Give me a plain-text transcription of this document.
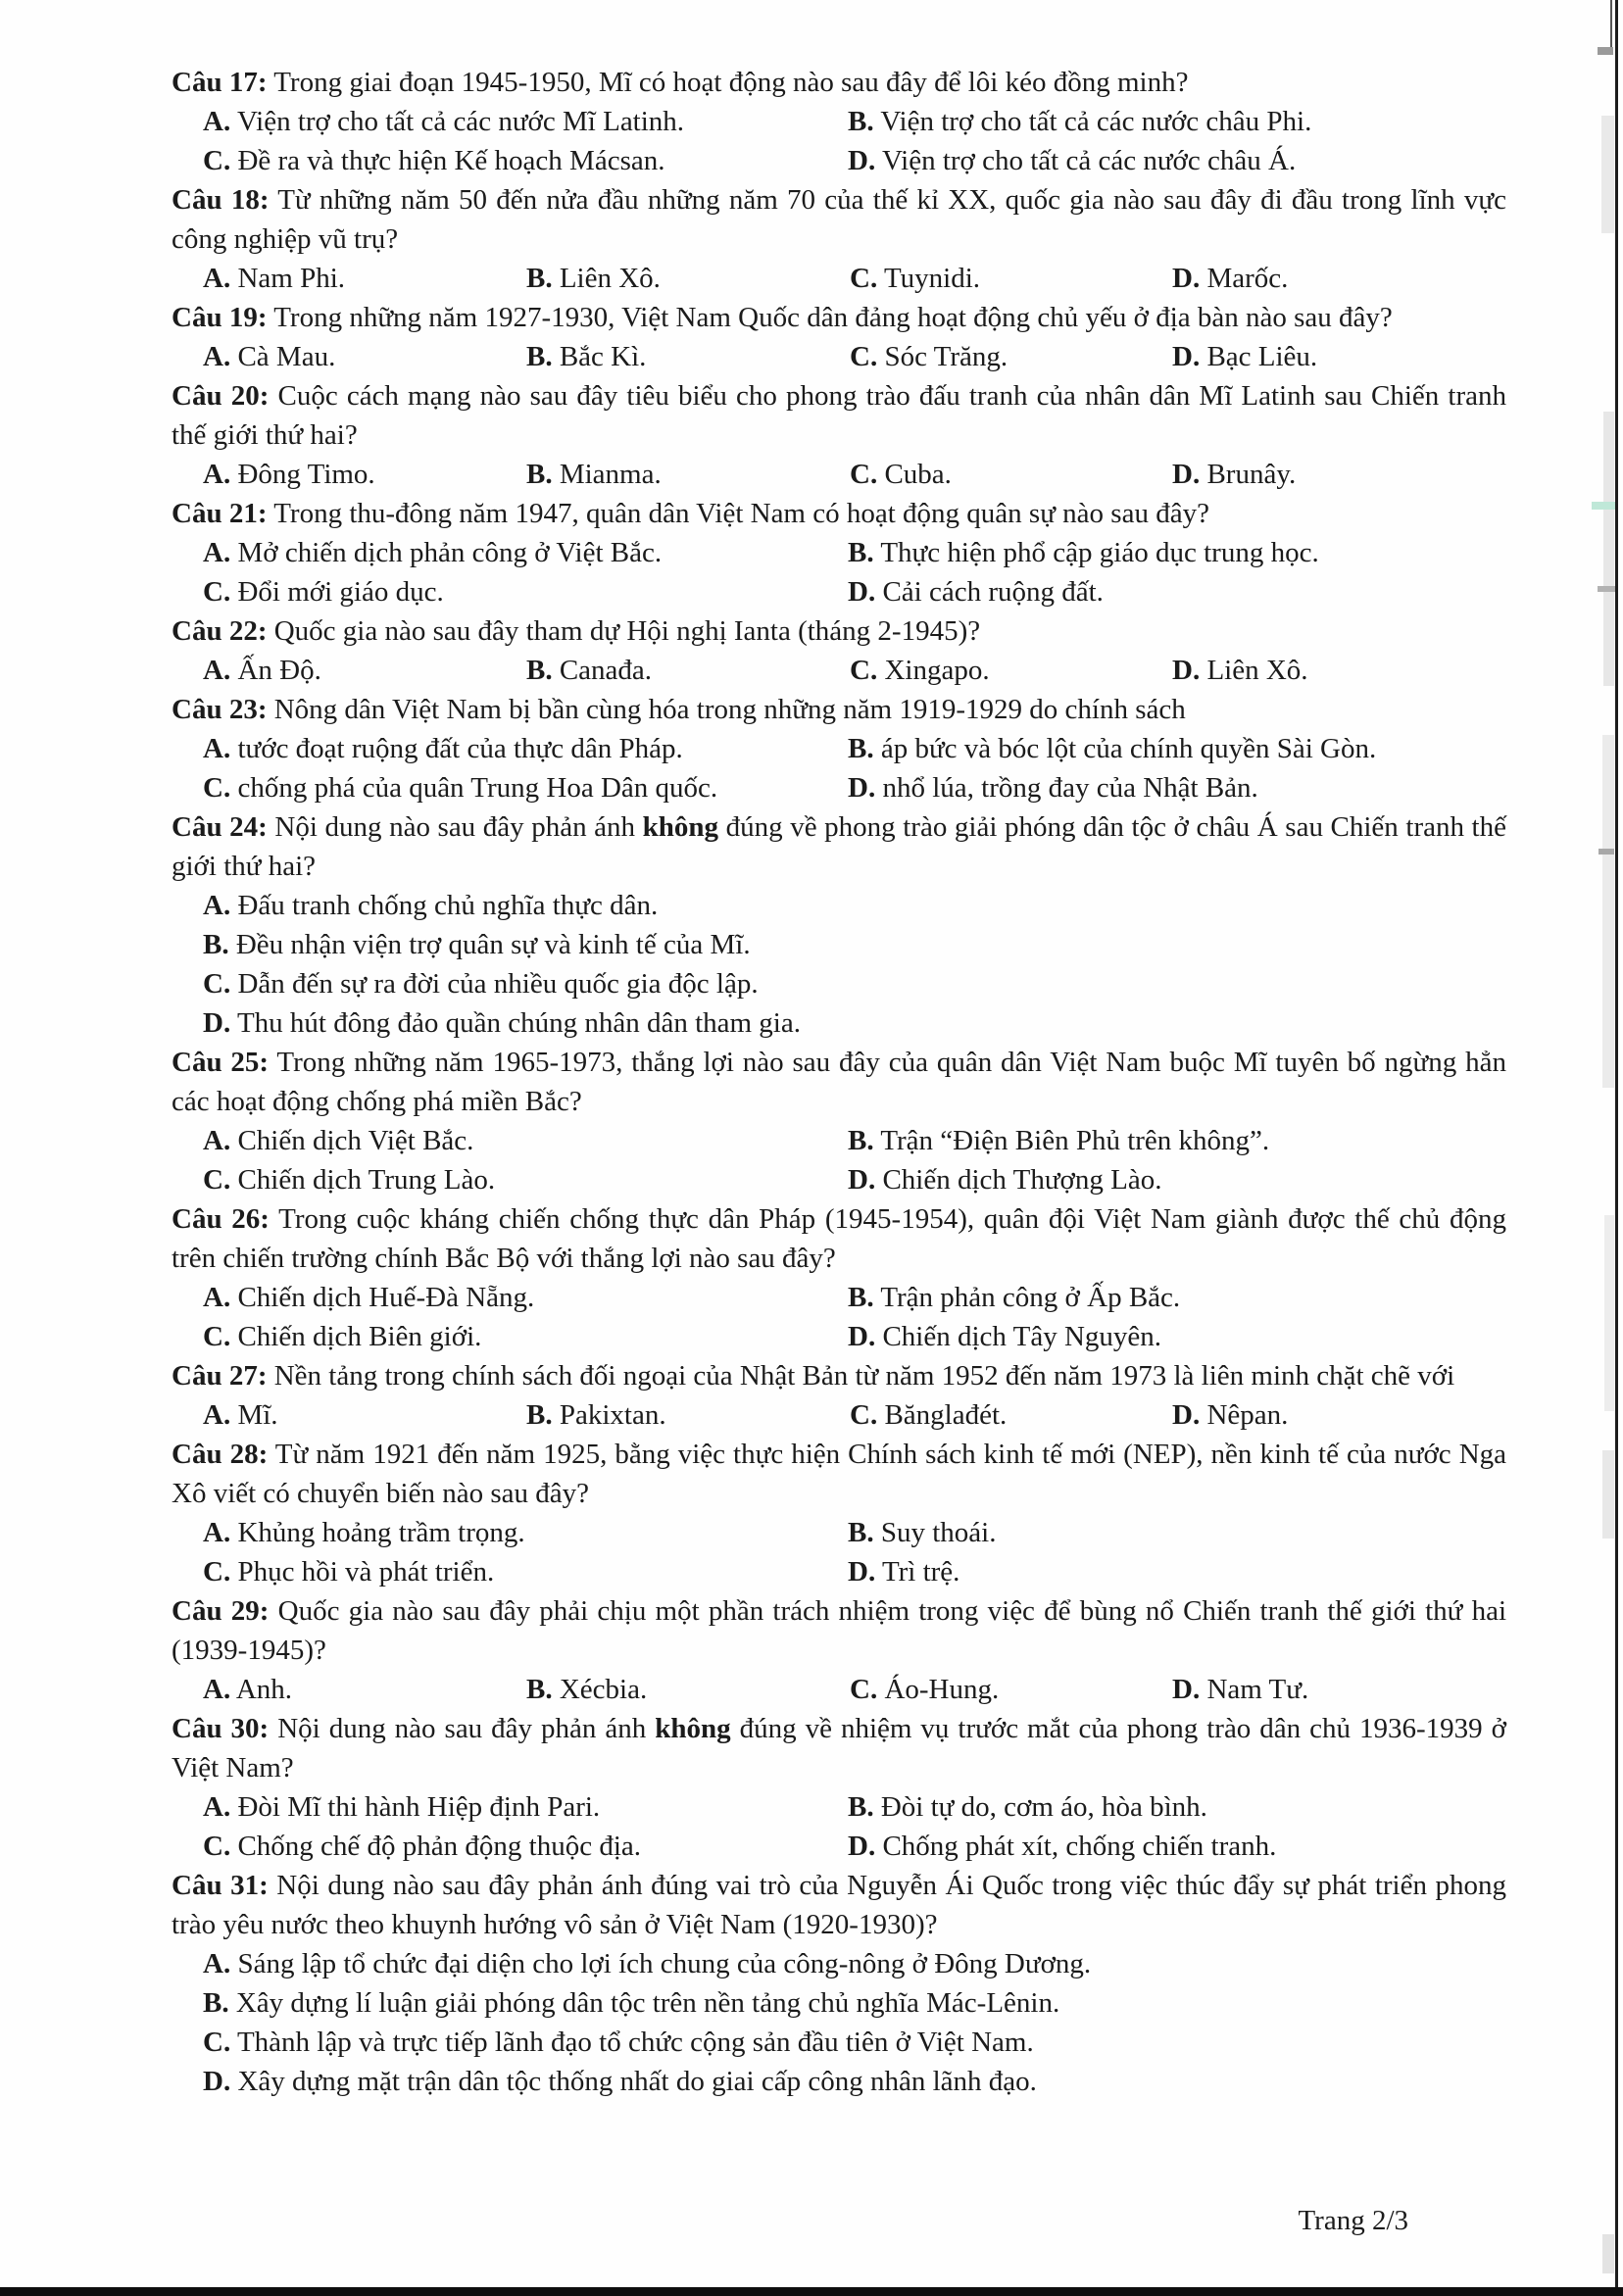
Câu 17: Trong giai đoạn 1945-1950, Mĩ có hoạt động nào sau đây để lôi kéo đồng minh?

A. Viện trợ cho tất cả các nước Mĩ Latinh.	B. Viện trợ cho tất cả các nước châu Phi.
C. Đề ra và thực hiện Kế hoạch Mácsan.	D. Viện trợ cho tất cả các nước châu Á.

Câu 18: Từ những năm 50 đến nửa đầu những năm 70 của thế kỉ XX, quốc gia nào sau đây đi đầu trong lĩnh vực công nghiệp vũ trụ?

A. Nam Phi.	B. Liên Xô.	C. Tuynidi.	D. Marốc.

Câu 19: Trong những năm 1927-1930, Việt Nam Quốc dân đảng hoạt động chủ yếu ở địa bàn nào sau đây?

A. Cà Mau.	B. Bắc Kì.	C. Sóc Trăng.	D. Bạc Liêu.

Câu 20: Cuộc cách mạng nào sau đây tiêu biểu cho phong trào đấu tranh của nhân dân Mĩ Latinh sau Chiến tranh thế giới thứ hai?

A. Đông Timo.	B. Mianma.	C. Cuba.	D. Brunây.

Câu 21: Trong thu-đông năm 1947, quân dân Việt Nam có hoạt động quân sự nào sau đây?

A. Mở chiến dịch phản công ở Việt Bắc.	B. Thực hiện phổ cập giáo dục trung học.
C. Đổi mới giáo dục.	D. Cải cách ruộng đất.

Câu 22: Quốc gia nào sau đây tham dự Hội nghị Ianta (tháng 2-1945)?

A. Ấn Độ.	B. Canađa.	C. Xingapo.	D. Liên Xô.

Câu 23: Nông dân Việt Nam bị bần cùng hóa trong những năm 1919-1929 do chính sách

A. tước đoạt ruộng đất của thực dân Pháp.	B. áp bức và bóc lột của chính quyền Sài Gòn.
C. chống phá của quân Trung Hoa Dân quốc.	D. nhổ lúa, trồng đay của Nhật Bản.

Câu 24: Nội dung nào sau đây phản ánh không đúng về phong trào giải phóng dân tộc ở châu Á sau Chiến tranh thế giới thứ hai?

A. Đấu tranh chống chủ nghĩa thực dân.
B. Đều nhận viện trợ quân sự và kinh tế của Mĩ.
C. Dẫn đến sự ra đời của nhiều quốc gia độc lập.
D. Thu hút đông đảo quần chúng nhân dân tham gia.

Câu 25: Trong những năm 1965-1973, thắng lợi nào sau đây của quân dân Việt Nam buộc Mĩ tuyên bố ngừng hẳn các hoạt động chống phá miền Bắc?

A. Chiến dịch Việt Bắc.	B. Trận “Điện Biên Phủ trên không”.
C. Chiến dịch Trung Lào.	D. Chiến dịch Thượng Lào.

Câu 26: Trong cuộc kháng chiến chống thực dân Pháp (1945-1954), quân đội Việt Nam giành được thế chủ động trên chiến trường chính Bắc Bộ với thắng lợi nào sau đây?

A. Chiến dịch Huế-Đà Nẵng.	B. Trận phản công ở Ấp Bắc.
C. Chiến dịch Biên giới.	D. Chiến dịch Tây Nguyên.

Câu 27: Nền tảng trong chính sách đối ngoại của Nhật Bản từ năm 1952 đến năm 1973 là liên minh chặt chẽ với

A. Mĩ.	B. Pakixtan.	C. Bănglađét.	D. Nêpan.

Câu 28: Từ năm 1921 đến năm 1925, bằng việc thực hiện Chính sách kinh tế mới (NEP), nền kinh tế của nước Nga Xô viết có chuyển biến nào sau đây?

A. Khủng hoảng trầm trọng.	B. Suy thoái.
C. Phục hồi và phát triển.	D. Trì trệ.

Câu 29: Quốc gia nào sau đây phải chịu một phần trách nhiệm trong việc để bùng nổ Chiến tranh thế giới thứ hai (1939-1945)?

A. Anh.	B. Xécbia.	C. Áo-Hung.	D. Nam Tư.

Câu 30: Nội dung nào sau đây phản ánh không đúng về nhiệm vụ trước mắt của phong trào dân chủ 1936-1939 ở Việt Nam?

A. Đòi Mĩ thi hành Hiệp định Pari.	B. Đòi tự do, cơm áo, hòa bình.
C. Chống chế độ phản động thuộc địa.	D. Chống phát xít, chống chiến tranh.

Câu 31: Nội dung nào sau đây phản ánh đúng vai trò của Nguyễn Ái Quốc trong việc thúc đẩy sự phát triển phong trào yêu nước theo khuynh hướng vô sản ở Việt Nam (1920-1930)?

A. Sáng lập tổ chức đại diện cho lợi ích chung của công-nông ở Đông Dương.
B. Xây dựng lí luận giải phóng dân tộc trên nền tảng chủ nghĩa Mác-Lênin.
C. Thành lập và trực tiếp lãnh đạo tổ chức cộng sản đầu tiên ở Việt Nam.
D. Xây dựng mặt trận dân tộc thống nhất do giai cấp công nhân lãnh đạo.
Trang 2/3
